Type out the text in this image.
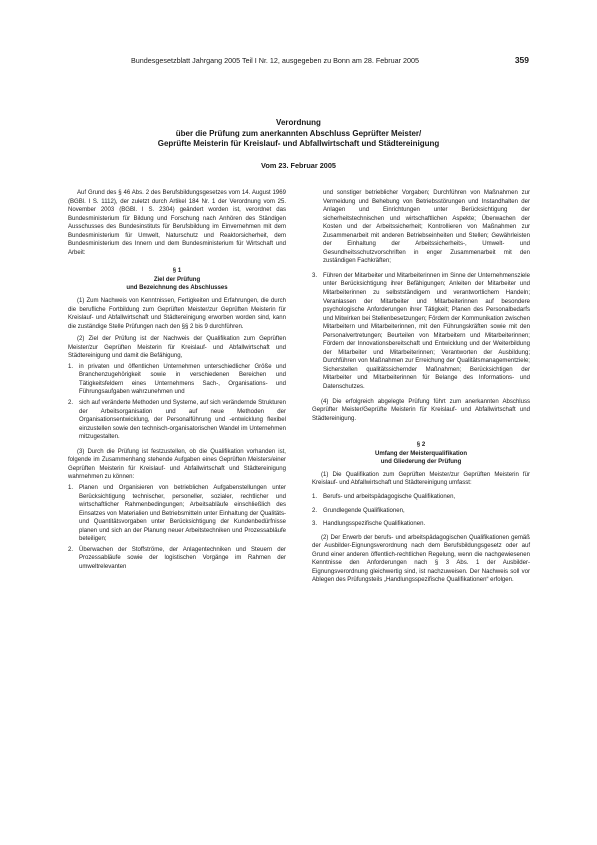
Bundesgesetzblatt Jahrgang 2005 Teil I Nr. 12, ausgegeben zu Bonn am 28. Februar 2005	359

Verordnung

über die Prüfung zum anerkannten Abschluss Geprüfter Meister/

Geprüfte Meisterin für Kreislauf- und Abfallwirtschaft und Städtereinigung

Vom 23. Februar 2005

Auf Grund des § 46 Abs. 2 des Berufsbildungsgesetzes vom 14. August 1969 (BGBl. I S. 1112), der zuletzt durch Artikel 184 Nr. 1 der Verordnung vom 25. November 2003 (BGBl. I S. 2304) geändert worden ist, verordnet das Bundesministerium für Bildung und Forschung nach Anhören des Ständigen Ausschusses des Bundesinstituts für Berufsbildung im Einvernehmen mit dem Bundesministerium für Umwelt, Naturschutz und Reaktorsicherheit, dem Bundesministerium des Innern und dem Bundesministerium für Wirtschaft und Arbeit:

§ 1
Ziel der Prüfung
und Bezeichnung des Abschlusses

(1) Zum Nachweis von Kenntnissen, Fertigkeiten und Erfahrungen, die durch die berufliche Fortbildung zum Geprüften Meister/zur Geprüften Meisterin für Kreislauf- und Abfallwirtschaft und Städtereinigung erworben worden sind, kann die zuständige Stelle Prüfungen nach den §§ 2 bis 9 durchführen.

(2) Ziel der Prüfung ist der Nachweis der Qualifikation zum Geprüften Meister/zur Geprüften Meisterin für Kreislauf- und Abfallwirtschaft und Städtereinigung und damit die Befähigung,

1. in privaten und öffentlichen Unternehmen unterschiedlicher Größe und Branchenzugehörigkeit sowie in verschiedenen Bereichen und Tätigkeitsfeldern eines Unternehmens Sach-, Organisations- und Führungsaufgaben wahrzunehmen und
2. sich auf veränderte Methoden und Systeme, auf sich verändernde Strukturen der Arbeitsorganisation und auf neue Methoden der Organisationsentwicklung, der Personalführung und -entwicklung flexibel einzustellen sowie den technisch-organisatorischen Wandel im Unternehmen mitzugestalten.

(3) Durch die Prüfung ist festzustellen, ob die Qualifikation vorhanden ist, folgende im Zusammenhang stehende Aufgaben eines Geprüften Meisters/einer Geprüften Meisterin für Kreislauf- und Abfallwirtschaft und Städtereinigung wahrnehmen zu können:

1. Planen und Organisieren von betrieblichen Aufgabenstellungen unter Berücksichtigung technischer, personeller, sozialer, rechtlicher und wirtschaftlicher Rahmenbedingungen; Arbeitsabläufe einschließlich des Einsatzes von Materialien und Betriebsmitteln unter Einhaltung der Qualitäts- und Quantitätsvorgaben unter Berücksichtigung der Kundenbedürfnisse planen und sich an der Planung neuer Arbeitstechniken und Prozessabläufe beteiligen;
2. Überwachen der Stoffströme, der Anlagentechniken und Steuern der Prozessabläufe sowie der logistischen Vorgänge im Rahmen der umweltrelevanten

und sonstiger betrieblicher Vorgaben; Durchführen von Maßnahmen zur Vermeidung und Behebung von Betriebsstörungen und Instandhalten der Anlagen und Einrichtungen unter Berücksichtigung der sicherheitstechnischen und wirtschaftlichen Aspekte; Überwachen der Kosten und der Arbeitssicherheit; Kontrollieren von Maßnahmen zur Zusammenarbeit mit anderen Betriebseinheiten und Stellen; Gewährleisten der Einhaltung der Arbeitssicherheits-, Umwelt- und Gesundheitsschutzvorschriften in enger Zusammenarbeit mit den zuständigen Fachkräften;

3. Führen der Mitarbeiter und Mitarbeiterinnen im Sinne der Unternehmensziele unter Berücksichtigung ihrer Befähigungen; Anleiten der Mitarbeiter und Mitarbeiterinnen zu selbstständigem und verantwortlichem Handeln; Veranlassen der Mitarbeiter und Mitarbeiterinnen auf besondere psychologische Anforderungen ihrer Tätigkeit; Planen des Personalbedarfs und Mitwirken bei Stellenbesetzungen; Fördern der Kommunikation zwischen Mitarbeitern und Mitarbeiterinnen, mit den Führungskräften sowie mit den Personalvertretungen; Beurteilen von Mitarbeitern und Mitarbeiterinnen; Fördern der Innovationsbereitschaft und Entwicklung und der Weiterbildung der Mitarbeiter und Mitarbeiterinnen; Verantworten der Ausbildung; Durchführen von Maßnahmen zur Erreichung der Qualitätsmanagementziele; Sicherstellen qualitätssichernder Maßnahmen; Berücksichtigen der Mitarbeiter und Mitarbeiterinnen für Belange des Informations- und Datenschutzes.

(4) Die erfolgreich abgelegte Prüfung führt zum anerkannten Abschluss Geprüfter Meister/Geprüfte Meisterin für Kreislauf- und Abfallwirtschaft und Städtereinigung.

§ 2
Umfang der Meisterqualifikation
und Gliederung der Prüfung

(1) Die Qualifikation zum Geprüften Meister/zur Geprüften Meisterin für Kreislauf- und Abfallwirtschaft und Städtereinigung umfasst:

1. Berufs- und arbeitspädagogische Qualifikationen,
2. Grundlegende Qualifikationen,
3. Handlungsspezifische Qualifikationen.

(2) Der Erwerb der berufs- und arbeitspädagogischen Qualifikationen gemäß der Ausbilder-Eignungsverordnung nach dem Berufsbildungsgesetz oder auf Grund einer anderen öffentlich-rechtlichen Regelung, wenn die nachgewiesenen Kenntnisse den Anforderungen nach § 3 Abs. 1 der Ausbilder-Eignungsverordnung gleichwertig sind, ist nachzuweisen. Der Nachweis soll vor Ablegen des Prüfungsteils „Handlungsspezifische Qualifikationen“ erfolgen.
